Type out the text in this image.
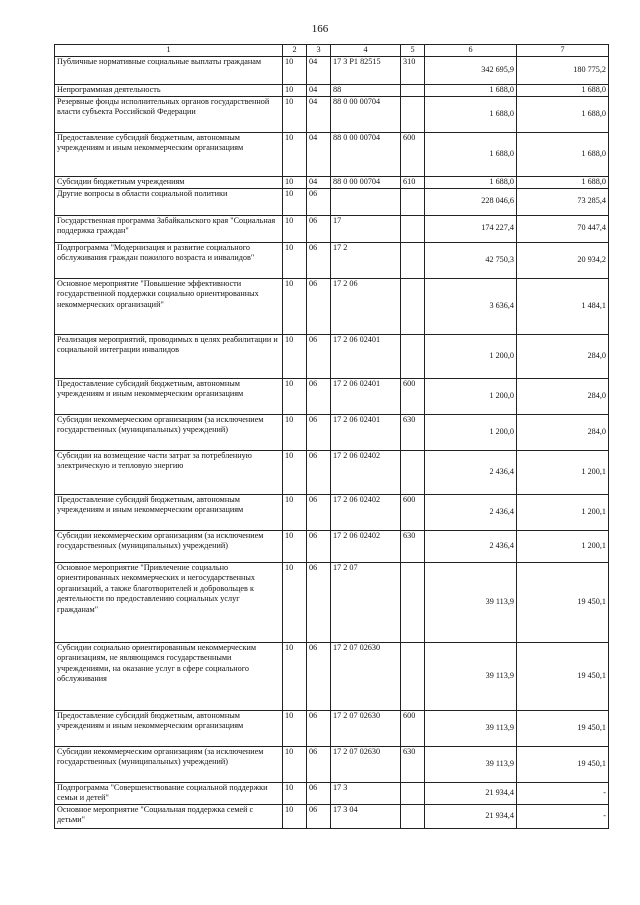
166
1	2	3	4	5	6	7
Публичные нормативные социальные выплаты гражданам	10	04	17 3 P1 82515	310	342 695,9	180 775,2
Непрограммная деятельность	10	04	88		1 688,0	1 688,0
Резервные фонды исполнительных органов государственной власти субъекта Российской Федерации	10	04	88 0 00 00704		1 688,0	1 688,0
Предоставление субсидий бюджетным, автономным учреждениям и иным некоммерческим организациям	10	04	88 0 00 00704	600	1 688,0	1 688,0
Субсидии бюджетным учреждениям	10	04	88 0 00 00704	610	1 688,0	1 688,0
Другие вопросы в области социальной политики	10	06			228 046,6	73 285,4
Государственная программа Забайкальского края "Социальная поддержка граждан"	10	06	17		174 227,4	70 447,4
Подпрограмма "Модернизация и развитие социального обслуживания граждан пожилого возраста и инвалидов"	10	06	17 2		42 750,3	20 934,2
Основное мероприятие "Повышение эффективности государственной поддержки социально ориентированных некоммерческих организаций"	10	06	17 2 06		3 636,4	1 484,1
Реализация мероприятий, проводимых в целях реабилитации и социальной интеграции инвалидов	10	06	17 2 06 02401		1 200,0	284,0
Предоставление субсидий бюджетным, автономным учреждениям и иным некоммерческим организациям	10	06	17 2 06 02401	600	1 200,0	284,0
Субсидии некоммерческим организациям (за исключением государственных (муниципальных) учреждений)	10	06	17 2 06 02401	630	1 200,0	284,0
Субсидии на возмещение части затрат за потребленную электрическую и тепловую энергию	10	06	17 2 06 02402		2 436,4	1 200,1
Предоставление субсидий бюджетным, автономным учреждениям и иным некоммерческим организациям	10	06	17 2 06 02402	600	2 436,4	1 200,1
Субсидии некоммерческим организациям (за исключением государственных (муниципальных) учреждений)	10	06	17 2 06 02402	630	2 436,4	1 200,1
Основное мероприятие "Привлечение социально ориентированных некоммерческих и негосударственных организаций, а также благотворителей и добровольцев к деятельности по предоставлению социальных услуг гражданам"	10	06	17 2 07		39 113,9	19 450,1
Субсидии социально ориентированным некоммерческим организациям, не являющимся государственными учреждениями, на оказание услуг в сфере социального обслуживания	10	06	17 2 07 02630		39 113,9	19 450,1
Предоставление субсидий бюджетным, автономным учреждениям и иным некоммерческим организациям	10	06	17 2 07 02630	600	39 113,9	19 450,1
Субсидии некоммерческим организациям (за исключением государственных (муниципальных) учреждений)	10	06	17 2 07 02630	630	39 113,9	19 450,1
Подпрограмма "Совершенствование социальной поддержки семьи и детей"	10	06	17 3		21 934,4	-
Основное мероприятие "Социальная поддержка семей с детьми"	10	06	17 3 04		21 934,4	-
